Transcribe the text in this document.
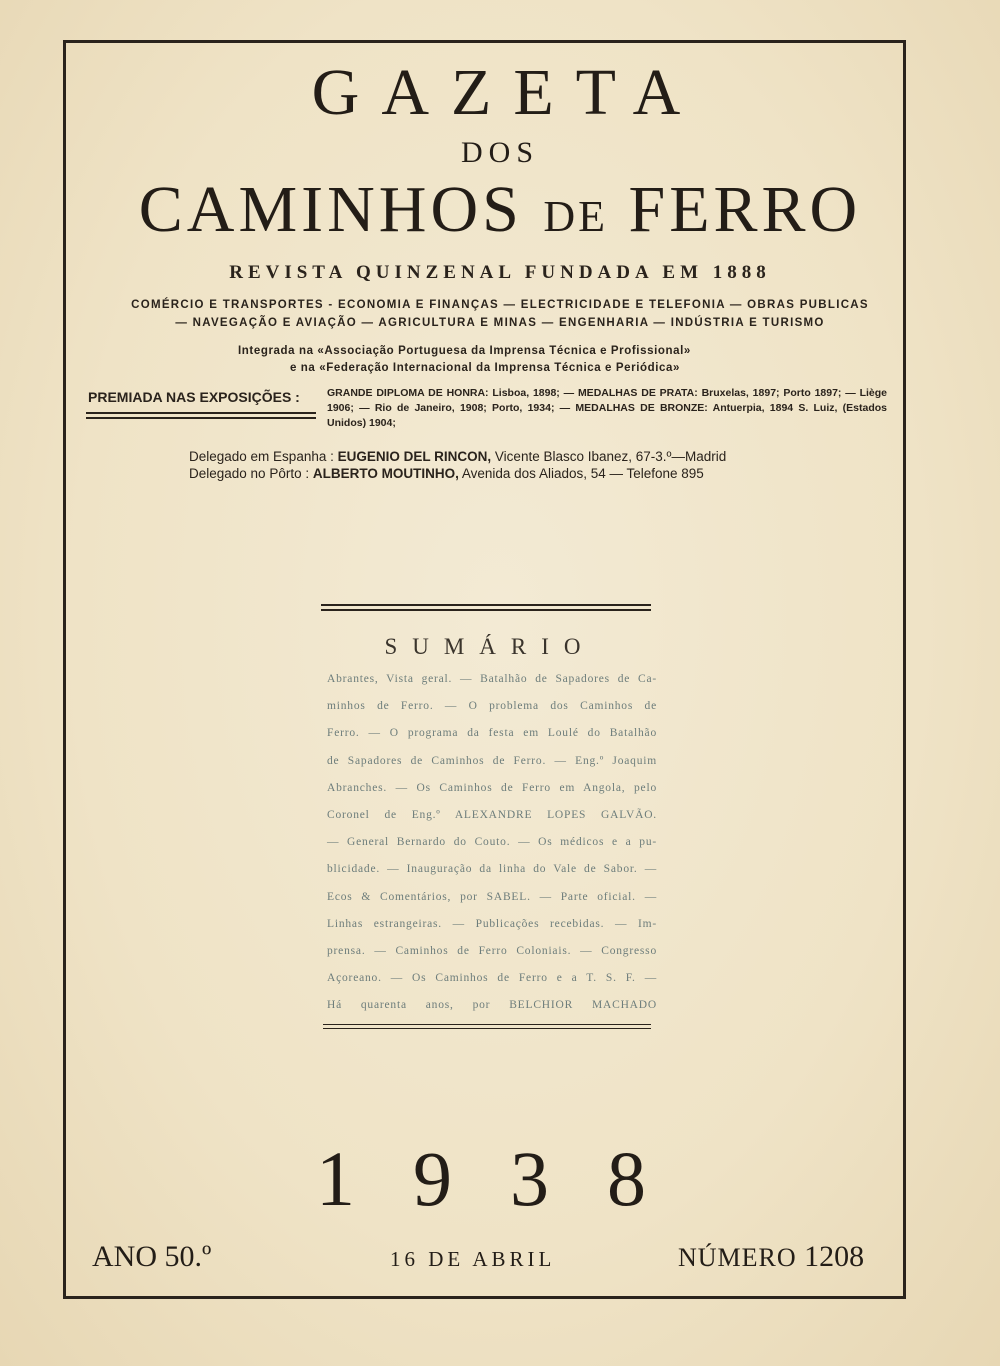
GAZETA
DOS
CAMINHOS DE FERRO
REVISTA QUINZENAL FUNDADA EM 1888
COMÉRCIO E TRANSPORTES - ECONOMIA E FINANÇAS — ELECTRICIDADE E TELEFONIA — OBRAS PUBLICAS
— NAVEGAÇÃO E AVIAÇÃO — AGRICULTURA E MINAS — ENGENHARIA — INDÚSTRIA E TURISMO
Integrada na «Associação Portuguesa da Imprensa Técnica e Profissional»
e na «Federação Internacional da Imprensa Técnica e Periódica»
PREMIADA NAS EXPOSIÇÕES :	GRANDE DIPLOMA DE HONRA: Lisboa, 1898; — MEDALHAS DE PRATA: Bruxelas, 1897; Porto 1897; — Liège 1906; — Rio de Janeiro, 1908; Porto, 1934; — MEDALHAS DE BRONZE: Antuerpia, 1894 S. Luiz, (Estados Unidos) 1904;
Delegado em Espanha : EUGENIO DEL RINCON, Vicente Blasco Ibanez, 67-3.º—Madrid
Delegado no Pôrto : ALBERTO MOUTINHO, Avenida dos Aliados, 54 — Telefone 895
SUMÁRIO
Abrantes, Vista geral. — Batalhão de Sapadores de Ca-
minhos de Ferro. — O problema dos Caminhos de
Ferro. — O programa da festa em Loulé do Batalhão
de Sapadores de Caminhos de Ferro. — Eng.º Joaquim
Abranches. — Os Caminhos de Ferro em Angola, pelo
Coronel de Eng.º ALEXANDRE LOPES GALVÃO.
— General Bernardo do Couto. — Os médicos e a pu-
blicidade. — Inauguração da linha do Vale de Sabor. —
Ecos & Comentários, por SABEL. — Parte oficial. —
Linhas estrangeiras. — Publicações recebidas. — Im-
prensa. — Caminhos de Ferro Coloniais. — Congresso
Açoreano. — Os Caminhos de Ferro e a T. S. F. —
Há quarenta anos, por BELCHIOR MACHADO
1938
ANO 50.º	16 DE ABRIL	NÚMERO 1208
